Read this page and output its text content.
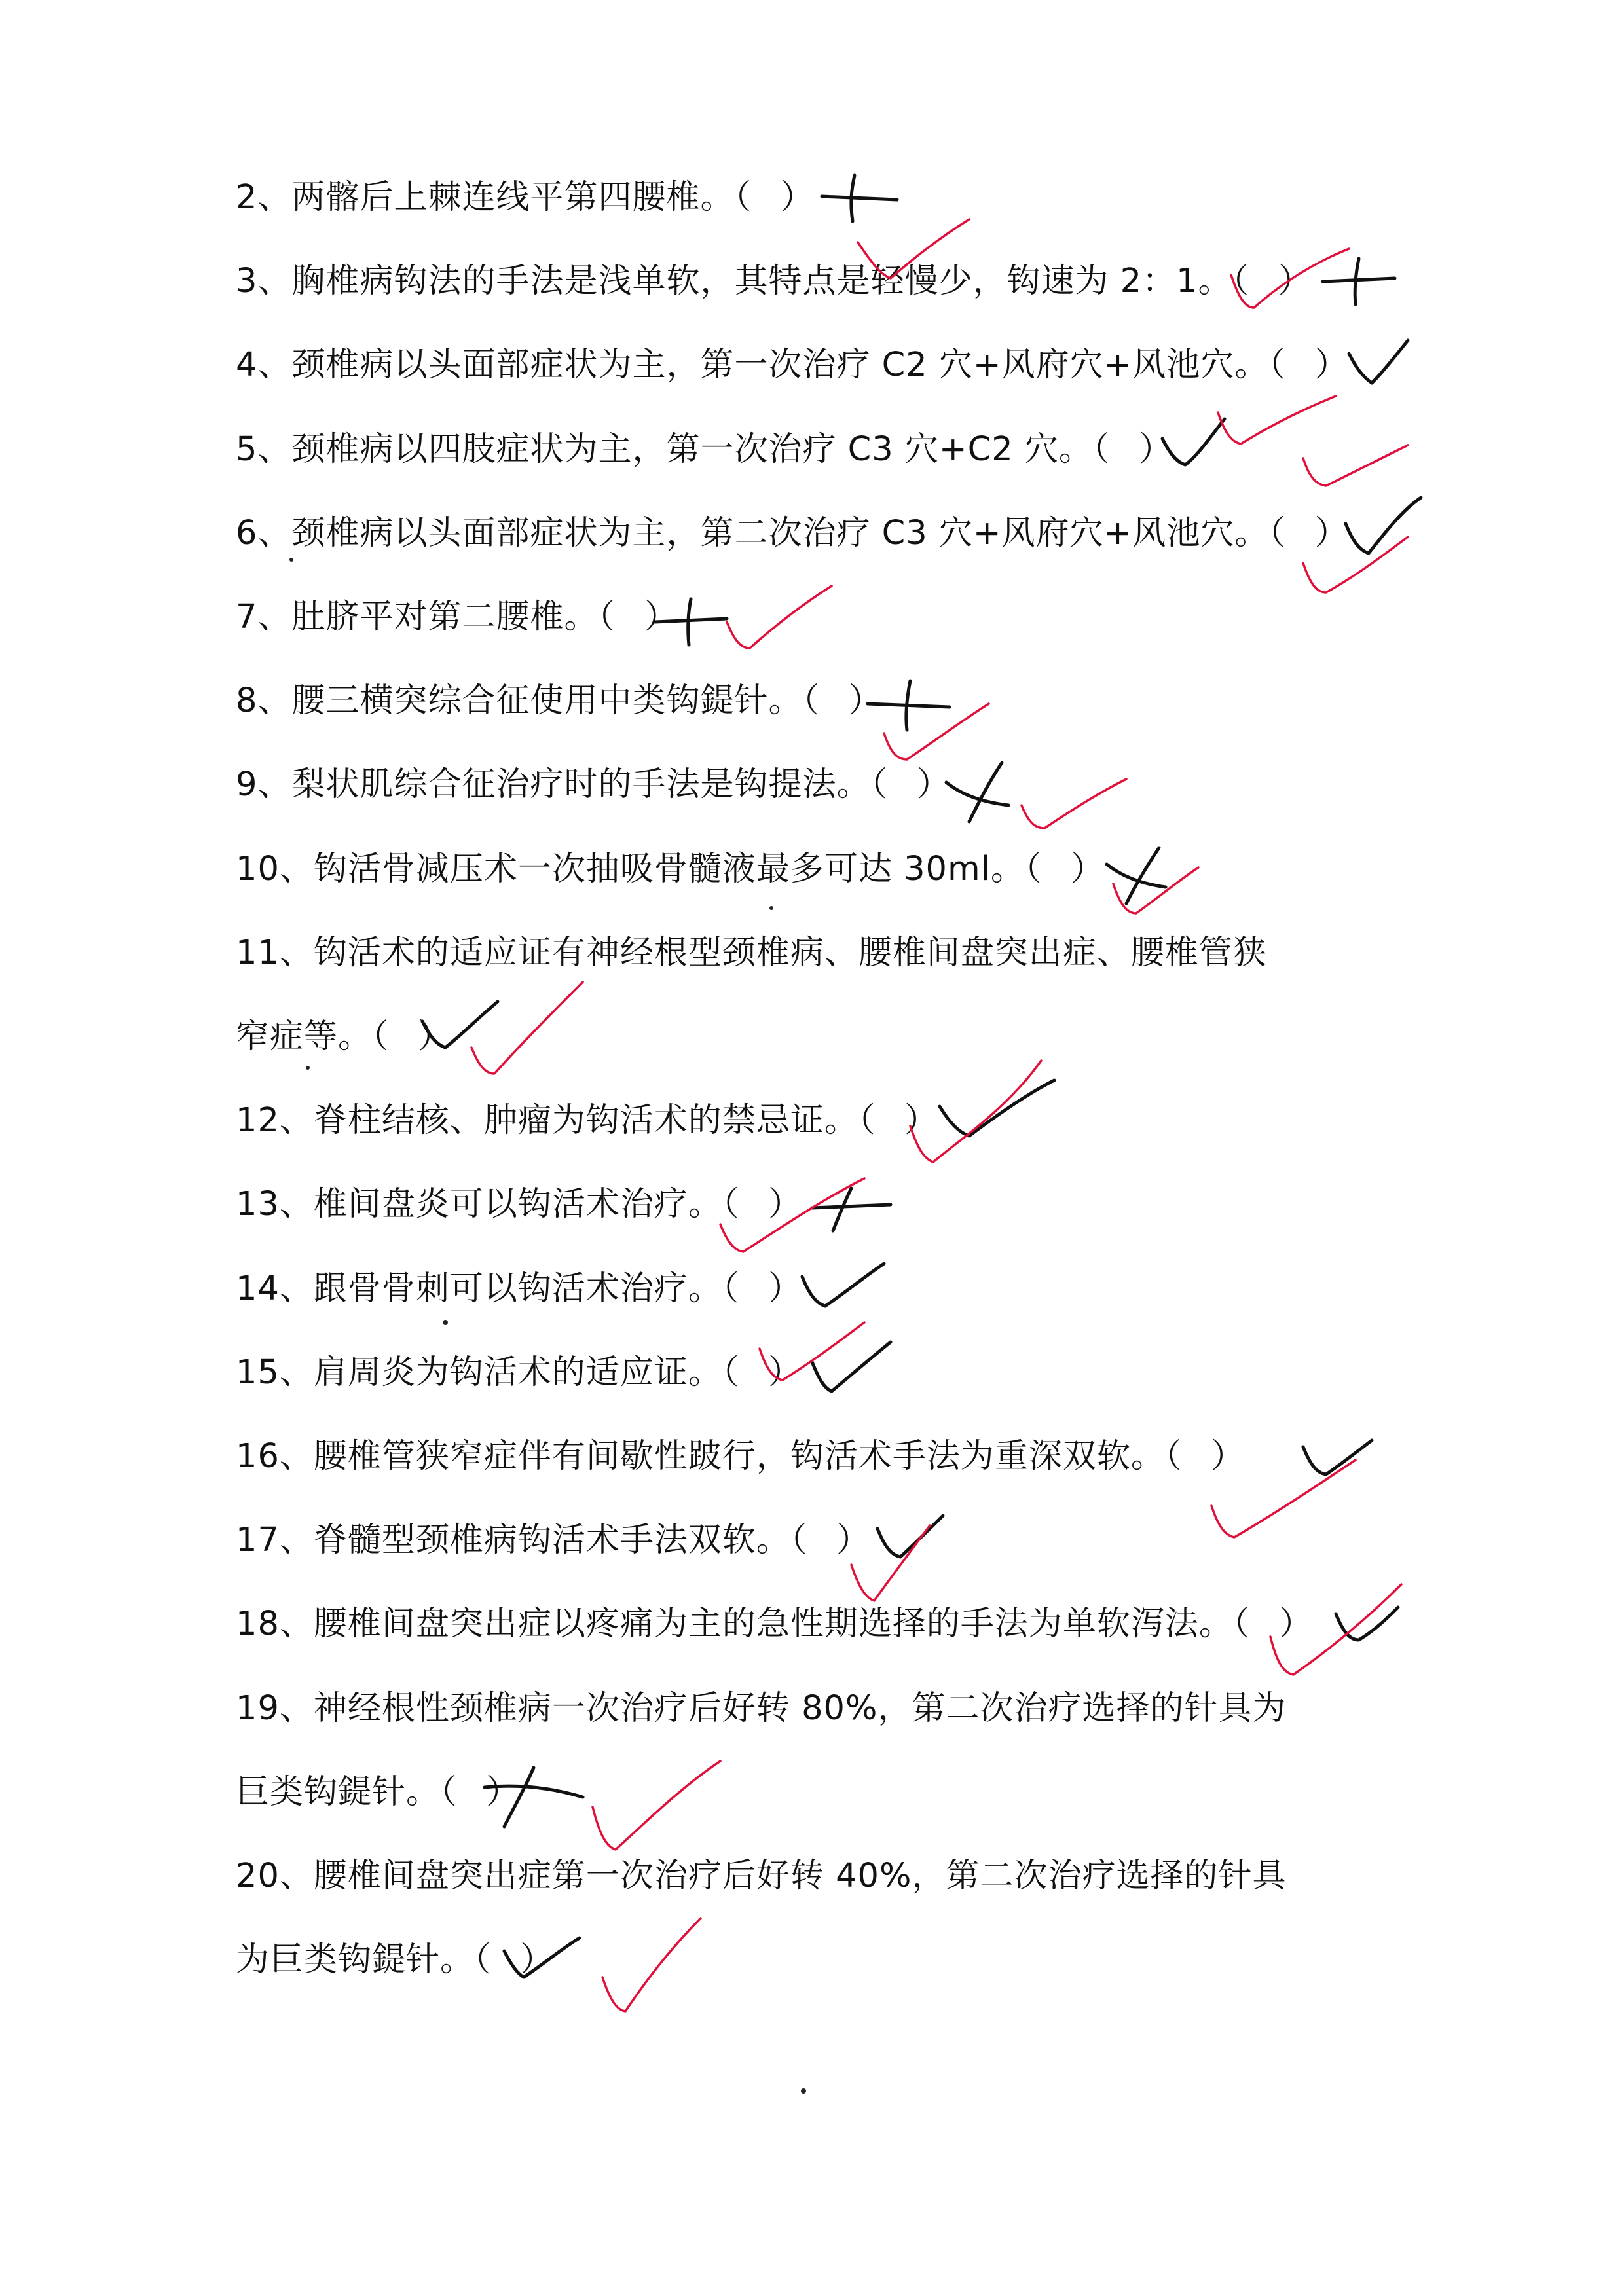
2、两髂后上棘连线平第四腰椎。（ ）
3、胸椎病钩法的手法是浅单软，其特点是轻慢少，钩速为 2：1。（ ）
4、颈椎病以头面部症状为主，第一次治疗 C2 穴+风府穴+风池穴。（ ）
5、颈椎病以四肢症状为主，第一次治疗 C3 穴+C2 穴。（ ）
6、颈椎病以头面部症状为主，第二次治疗 C3 穴+风府穴+风池穴。（ ）
7、肚脐平对第二腰椎。（ ）
8、腰三横突综合征使用中类钩鍉针。（ ）
9、梨状肌综合征治疗时的手法是钩提法。（ ）
10、钩活骨减压术一次抽吸骨髓液最多可达 30ml。（ ）
11、钩活术的适应证有神经根型颈椎病、腰椎间盘突出症、腰椎管狭
窄症等。（ ）
12、脊柱结核、肿瘤为钩活术的禁忌证。（ ）
13、椎间盘炎可以钩活术治疗。（ ）
14、跟骨骨刺可以钩活术治疗。（ ）
15、肩周炎为钩活术的适应证。（ ）
16、腰椎管狭窄症伴有间歇性跛行，钩活术手法为重深双软。（ ）
17、脊髓型颈椎病钩活术手法双软。（ ）
18、腰椎间盘突出症以疼痛为主的急性期选择的手法为单软泻法。（ ）
19、神经根性颈椎病一次治疗后好转 80%，第二次治疗选择的针具为
巨类钩鍉针。（ ）
20、腰椎间盘突出症第一次治疗后好转 40%，第二次治疗选择的针具
为巨类钩鍉针。（ ）
